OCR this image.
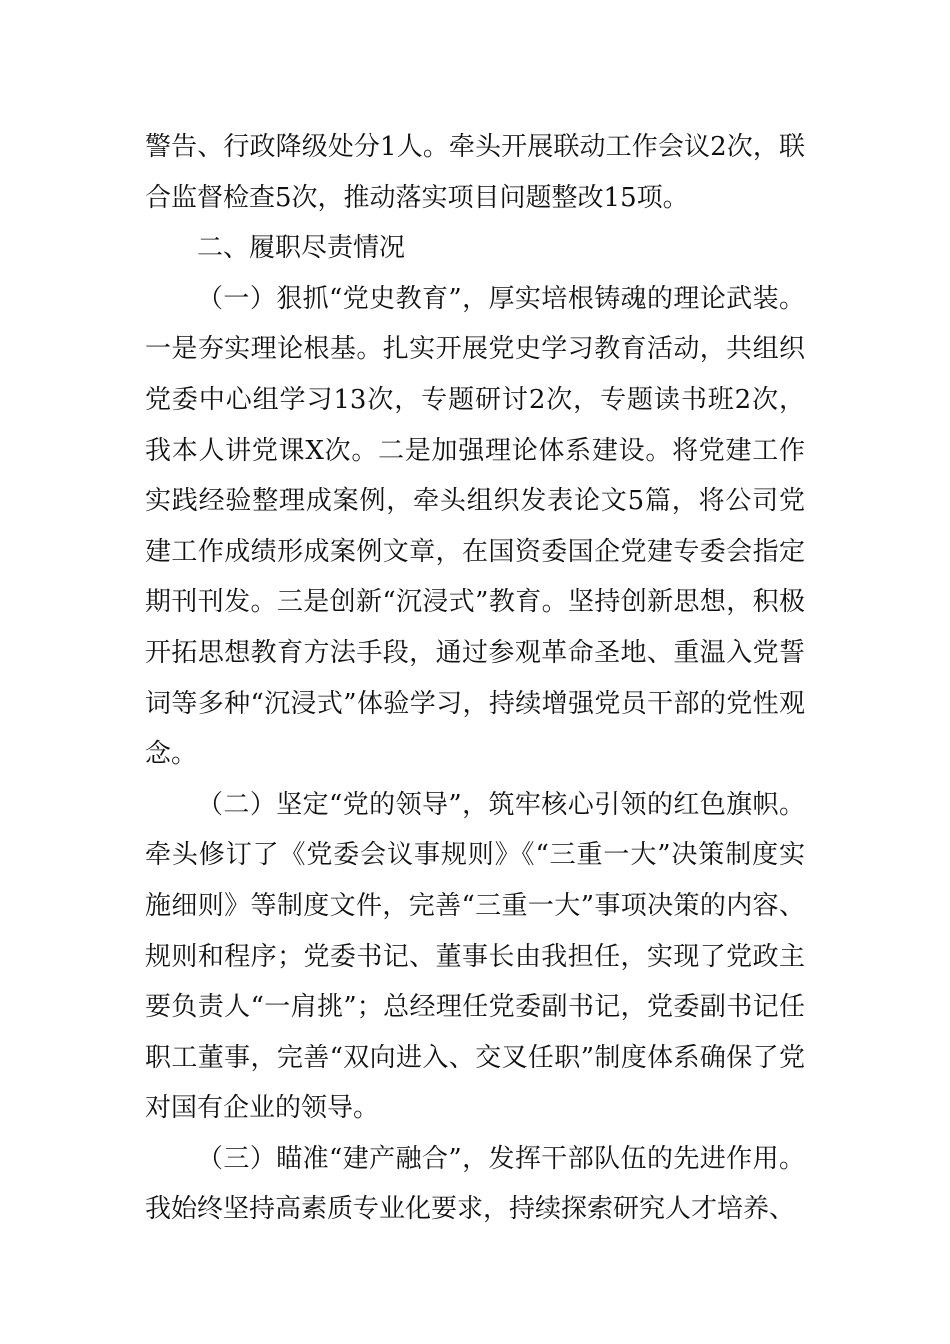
警告、行政降级处分1人。牵头开展联动工作会议2次，联合监督检查5次，推动落实项目问题整改15项。

二、履职尽责情况

（一）狠抓“党史教育”，厚实培根铸魂的理论武装。一是夯实理论根基。扎实开展党史学习教育活动，共组织党委中心组学习13次，专题研讨2次，专题读书班2次，我本人讲党课X次。二是加强理论体系建设。将党建工作实践经验整理成案例，牵头组织发表论文5篇，将公司党建工作成绩形成案例文章，在国资委国企党建专委会指定期刊刊发。三是创新“沉浸式”教育。坚持创新思想，积极开拓思想教育方法手段，通过参观革命圣地、重温入党誓词等多种“沉浸式”体验学习，持续增强党员干部的党性观念。

（二）坚定“党的领导”，筑牢核心引领的红色旗帜。牵头修订了《党委会议事规则》《“三重一大”决策制度实施细则》等制度文件，完善“三重一大”事项决策的内容、规则和程序；党委书记、董事长由我担任，实现了党政主要负责人“一肩挑”；总经理任党委副书记，党委副书记任职工董事，完善“双向进入、交叉任职”制度体系确保了党对国有企业的领导。

（三）瞄准“建产融合”，发挥干部队伍的先进作用。我始终坚持高素质专业化要求，持续探索研究人才培养、
